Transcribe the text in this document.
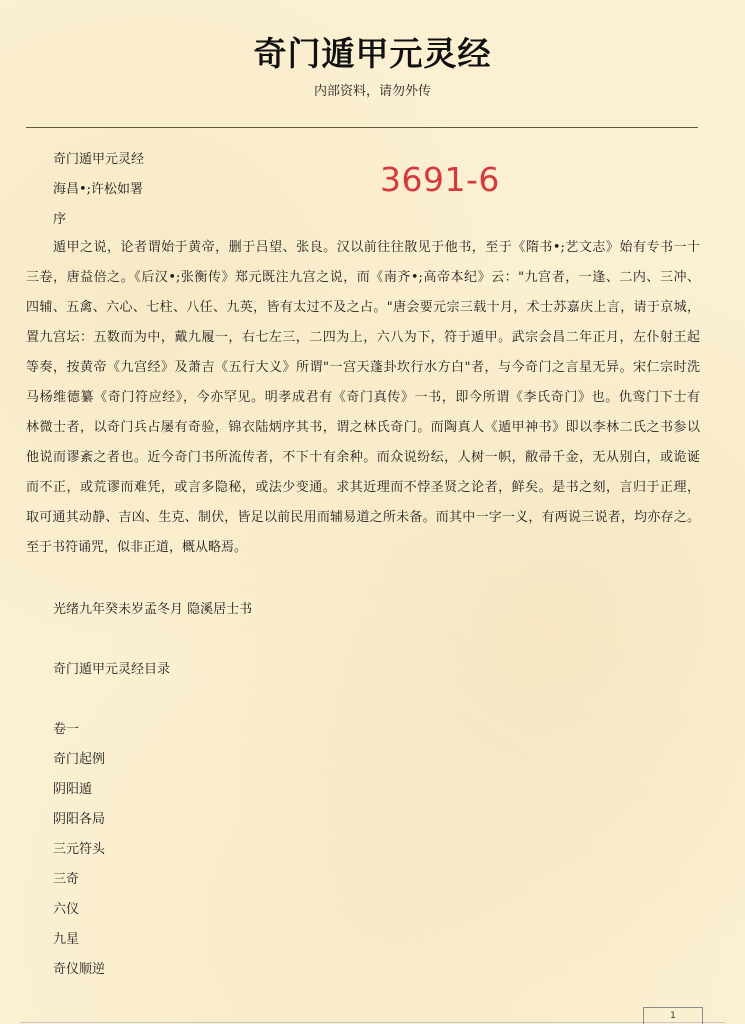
奇门遁甲元灵经
内部资料，请勿外传
3691-6
奇门遁甲元灵经
海昌•;许松如署
序
遁甲之说，论者谓始于黄帝，删于吕望、张良。汉以前往往散见于他书，至于《隋书•;艺文志》始有专书一十
三卷，唐益倍之。《后汉•;张衡传》郑元既注九宫之说，而《南齐•;高帝本纪》云："九宫者，一逢、二内、三冲、
四辅、五禽、六心、七柱、八任、九英，皆有太过不及之占。"唐会要元宗三载十月，术士苏嘉庆上言，请于京城，
置九宫坛：五数而为中，戴九履一，右七左三，二四为上，六八为下，符于遁甲。武宗会昌二年正月，左仆射王起
等奏，按黄帝《九宫经》及萧吉《五行大义》所谓"一宫天蓬卦坎行水方白"者，与今奇门之言星无异。宋仁宗时洗
马杨维德纂《奇门符应经》，今亦罕见。明孝成君有《奇门真传》一书，即今所谓《李氏奇门》也。仇鸾门下士有
林微士者，以奇门兵占屡有奇验，锦衣陆炳序其书，谓之林氏奇门。而陶真人《遁甲神书》即以李林二氏之书参以
他说而谬紊之者也。近今奇门书所流传者，不下十有余种。而众说纷纭，人树一帜，敝帚千金，无从别白，或诡诞
而不正，或荒谬而难凭，或言多隐秘，或法少变通。求其近理而不悖圣贤之论者，鲜矣。是书之刻，言归于正理，
取可通其动静、吉凶、生克、制伏，皆足以前民用而辅易道之所未备。而其中一字一义，有两说三说者，均亦存之。
至于书符诵咒，似非正道，概从略焉。
光绪九年癸未岁孟冬月 隐溪居士书
奇门遁甲元灵经目录
卷一
奇门起例
阴阳遁
阴阳各局
三元符头
三奇
六仪
九星
奇仪顺逆
1
